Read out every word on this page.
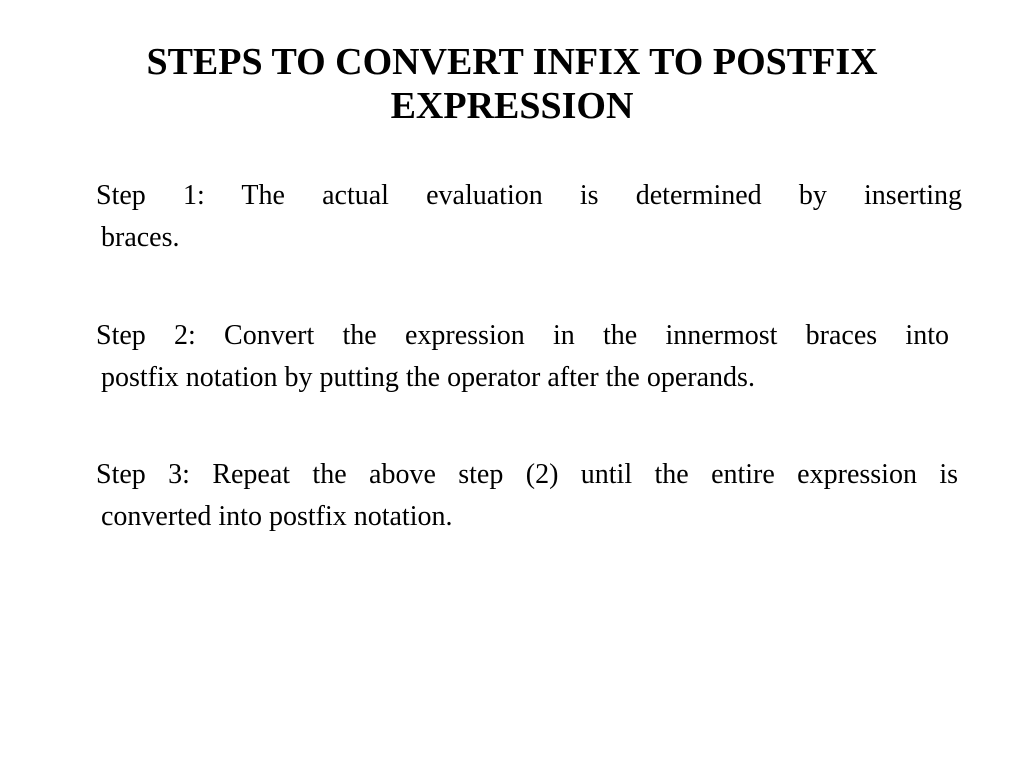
STEPS TO CONVERT INFIX TO POSTFIX
EXPRESSION

Step 1: The actual evaluation is determined by inserting
braces.

Step 2: Convert the expression in the innermost braces into
postfix notation by putting the operator after the operands.

Step 3: Repeat the above step (2) until the entire expression is
converted into postfix notation.
